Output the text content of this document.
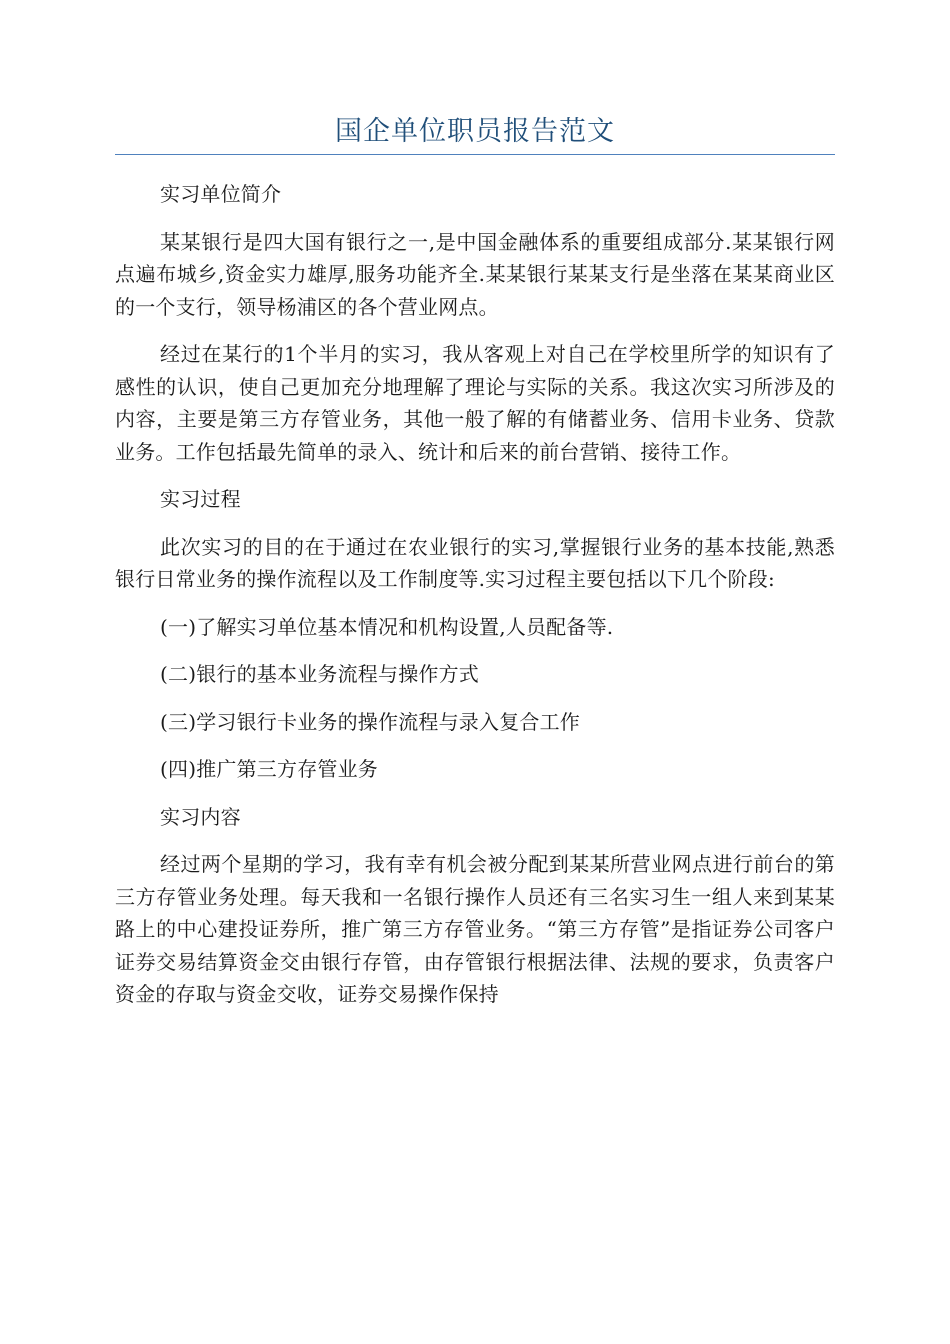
国企单位职员报告范文

实习单位简介

某某银行是四大国有银行之一,是中国金融体系的重要组成部分.某某银行网点遍布城乡,资金实力雄厚,服务功能齐全.某某银行某某支行是坐落在某某商业区的一个支行，领导杨浦区的各个营业网点。

经过在某行的1个半月的实习，我从客观上对自己在学校里所学的知识有了感性的认识，使自己更加充分地理解了理论与实际的关系。我这次实习所涉及的内容，主要是第三方存管业务，其他一般了解的有储蓄业务、信用卡业务、贷款业务。工作包括最先简单的录入、统计和后来的前台营销、接待工作。

实习过程

此次实习的目的在于通过在农业银行的实习,掌握银行业务的基本技能,熟悉银行日常业务的操作流程以及工作制度等.实习过程主要包括以下几个阶段:

(一)了解实习单位基本情况和机构设置,人员配备等.

(二)银行的基本业务流程与操作方式

(三)学习银行卡业务的操作流程与录入复合工作

(四)推广第三方存管业务

实习内容

经过两个星期的学习，我有幸有机会被分配到某某所营业网点进行前台的第三方存管业务处理。每天我和一名银行操作人员还有三名实习生一组人来到某某路上的中心建投证券所，推广第三方存管业务。“第三方存管”是指证券公司客户证券交易结算资金交由银行存管，由存管银行根据法律、法规的要求，负责客户资金的存取与资金交收，证券交易操作保持
